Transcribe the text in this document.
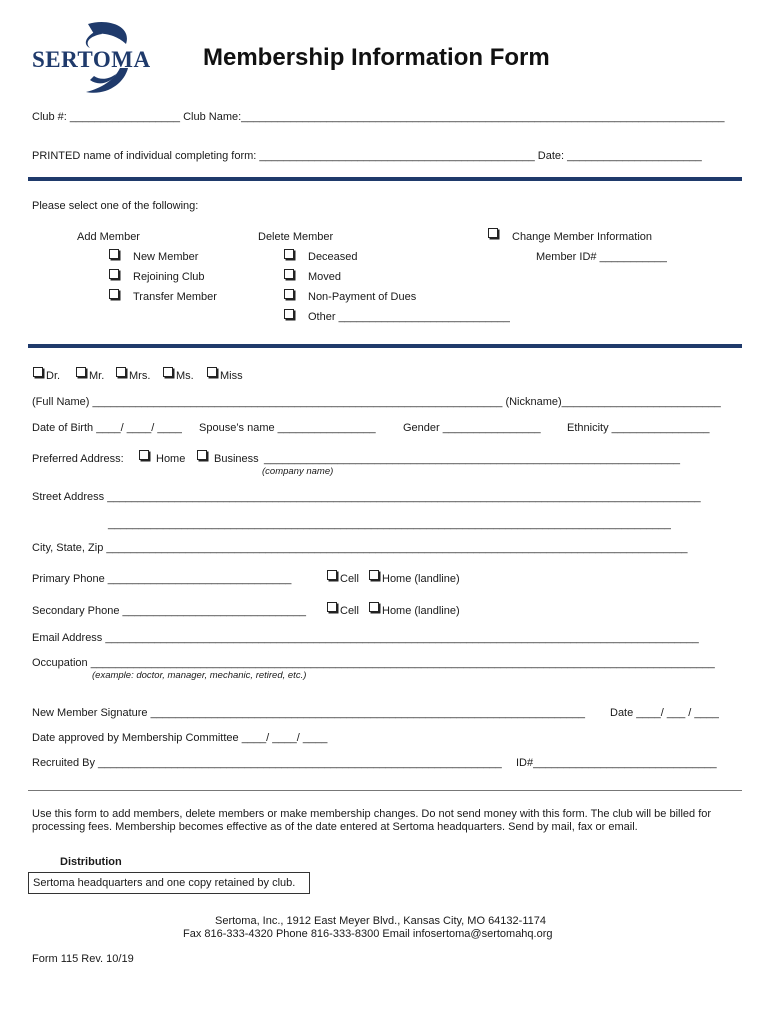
SERTOMA Membership Information Form
Club #: __________________ Club Name:_______________________________________________________________________________
PRINTED name of individual completing form: _____________________________________________ Date: ______________________
Please select one of the following:
Add Member
New Member
Rejoining Club
Transfer Member
Delete Member
Deceased
Moved
Non-Payment of Dues
Other ____________________________
Change Member Information
Member ID# ___________
Dr.	Mr. Mrs. Ms. Miss
(Full Name) ___________________________________________________________________ (Nickname)__________________________
Date of Birth ____/ ____/ ____ Spouse’s name ________________ Gender ________________ Ethnicity ________________
Preferred Address:	Home	Business ____________________________________________________________________
(company name)
Street Address _________________________________________________________________________________________________
____________________________________________________________________________________________
City, State, Zip _______________________________________________________________________________________________
Primary Phone ______________________________	Cell Home (landline)
Secondary Phone ______________________________	Cell Home (landline)
Email Address _________________________________________________________________________________________________
Occupation ______________________________________________________________________________________________________
(example: doctor, manager, mechanic, retired, etc.)
New Member Signature _______________________________________________________________________ Date ____/ ___ / ____
Date approved by Membership Committee ____/ ____/ ____
Recruited By __________________________________________________________________ ID#______________________________
Use this form to add members, delete members or make membership changes. Do not send money with this form. The club will be billed for
processing fees. Membership becomes effective as of the date entered at Sertoma headquarters. Send by mail, fax or email.
Distribution
Sertoma headquarters and one copy retained by club.
Sertoma, Inc., 1912 East Meyer Blvd., Kansas City, MO 64132-1174
Fax 816-333-4320 Phone 816-333-8300 Email infosertoma@sertomahq.org
Form 115 Rev. 10/19
